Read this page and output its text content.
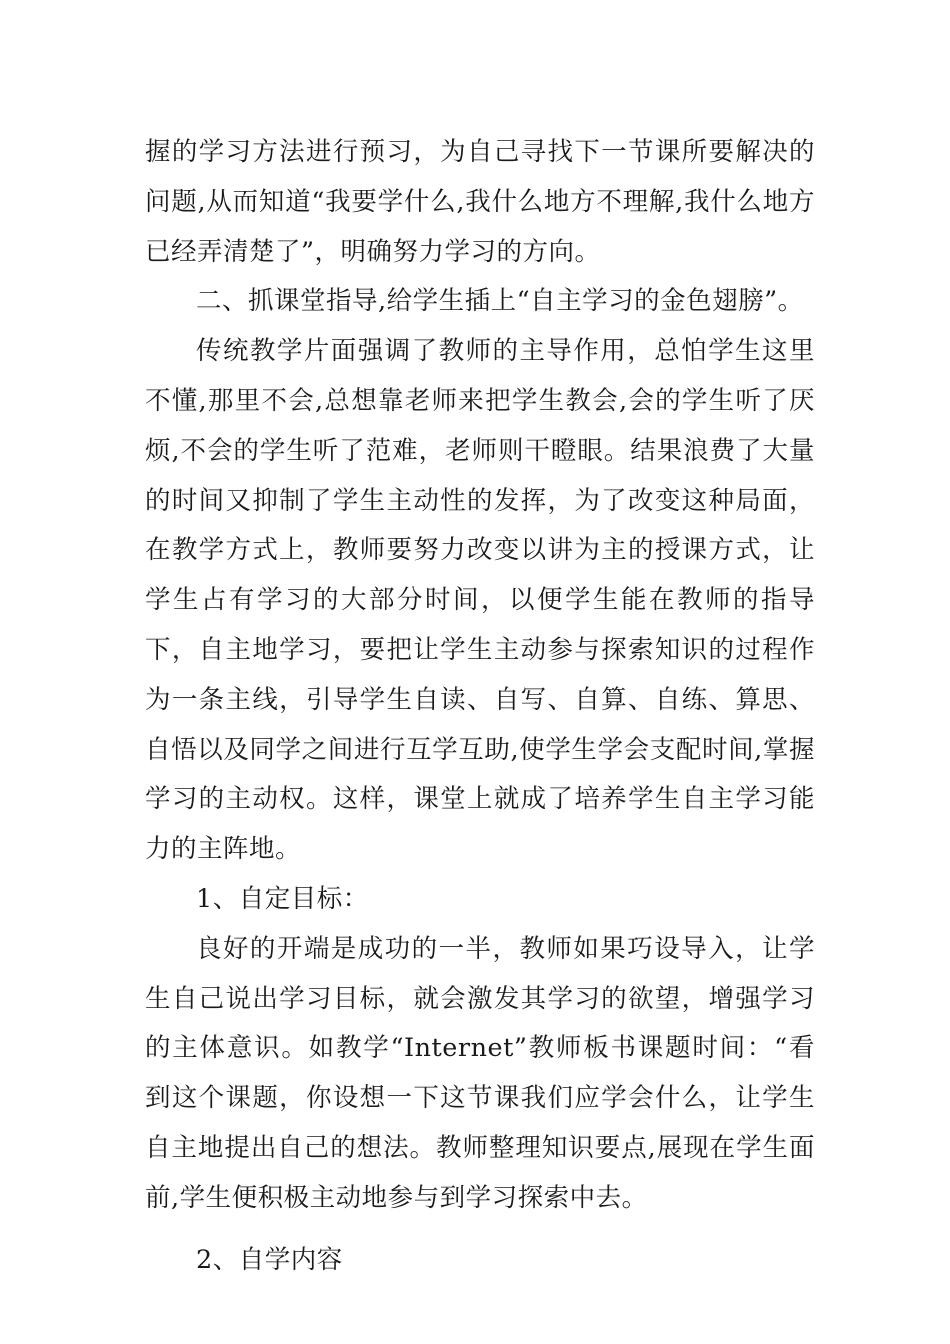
握的学习方法进行预习，为自己寻找下一节课所要解决的问题,从而知道“我要学什么,我什么地方不理解,我什么地方已经弄清楚了”，明确努力学习的方向。

二、抓课堂指导,给学生插上“自主学习的金色翅膀”。

传统教学片面强调了教师的主导作用，总怕学生这里不懂,那里不会,总想靠老师来把学生教会,会的学生听了厌烦,不会的学生听了范难，老师则干瞪眼。结果浪费了大量的时间又抑制了学生主动性的发挥，为了改变这种局面，在教学方式上，教师要努力改变以讲为主的授课方式，让学生占有学习的大部分时间，以便学生能在教师的指导下，自主地学习，要把让学生主动参与探索知识的过程作为一条主线，引导学生自读、自写、自算、自练、算思、自悟以及同学之间进行互学互助,使学生学会支配时间,掌握学习的主动权。这样，课堂上就成了培养学生自主学习能力的主阵地。

1、自定目标：

良好的开端是成功的一半，教师如果巧设导入，让学生自己说出学习目标，就会激发其学习的欲望，增强学习的主体意识。如教学“Internet”教师板书课题时间：“看到这个课题，你设想一下这节课我们应学会什么，让学生自主地提出自己的想法。教师整理知识要点,展现在学生面前,学生便积极主动地参与到学习探索中去。

2、自学内容
